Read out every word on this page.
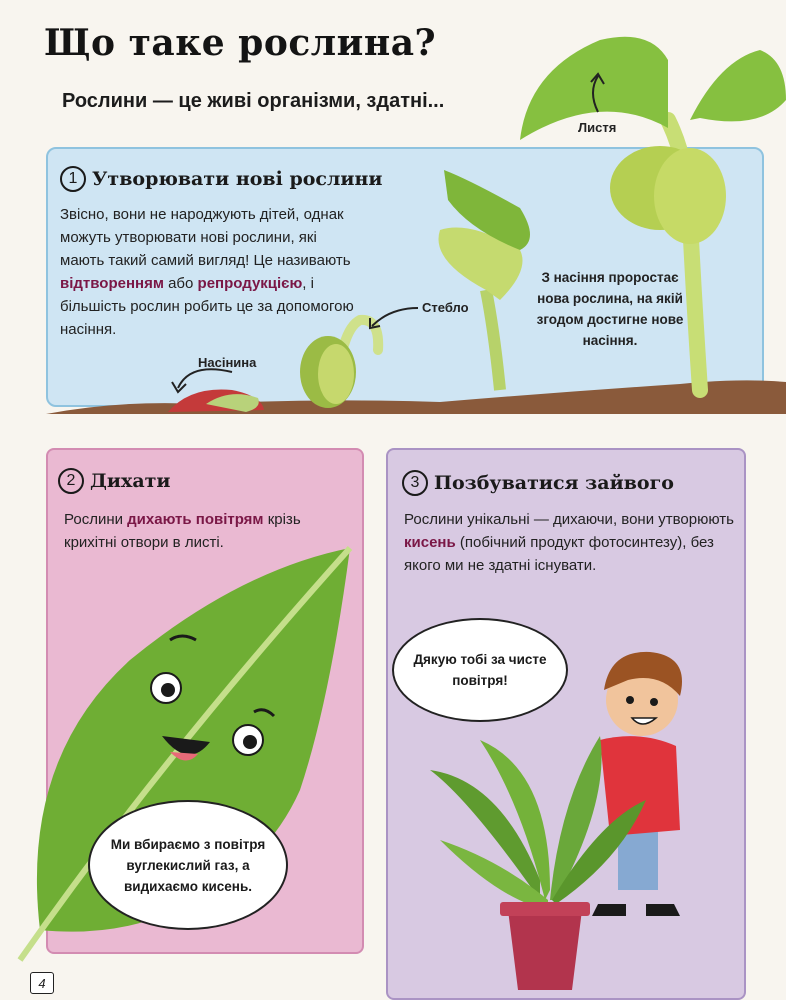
Що таке рослина?
Рослини — це живі організми, здатні...
1 Утворювати нові рослини
Звісно, вони не народжують дітей, однак можуть утворювати нові рослини, які мають такий самий вигляд! Це називають відтворенням або репродукцією, і більшість рослин робить це за допомогою насіння.
Насінина
Стебло
Листя
З насіння проростає нова рослина, на якій згодом достигне нове насіння.
2 Дихати
Рослини дихають повітрям крізь крихітні отвори в листі.
Ми вбираємо з повітря вуглекислий газ, а видихаємо кисень.
3 Позбуватися зайвого
Рослини унікальні — дихаючи, вони утворюють кисень (побічний продукт фотосинтезу), без якого ми не здатні існувати.
Дякую тобі за чисте повітря!
4
